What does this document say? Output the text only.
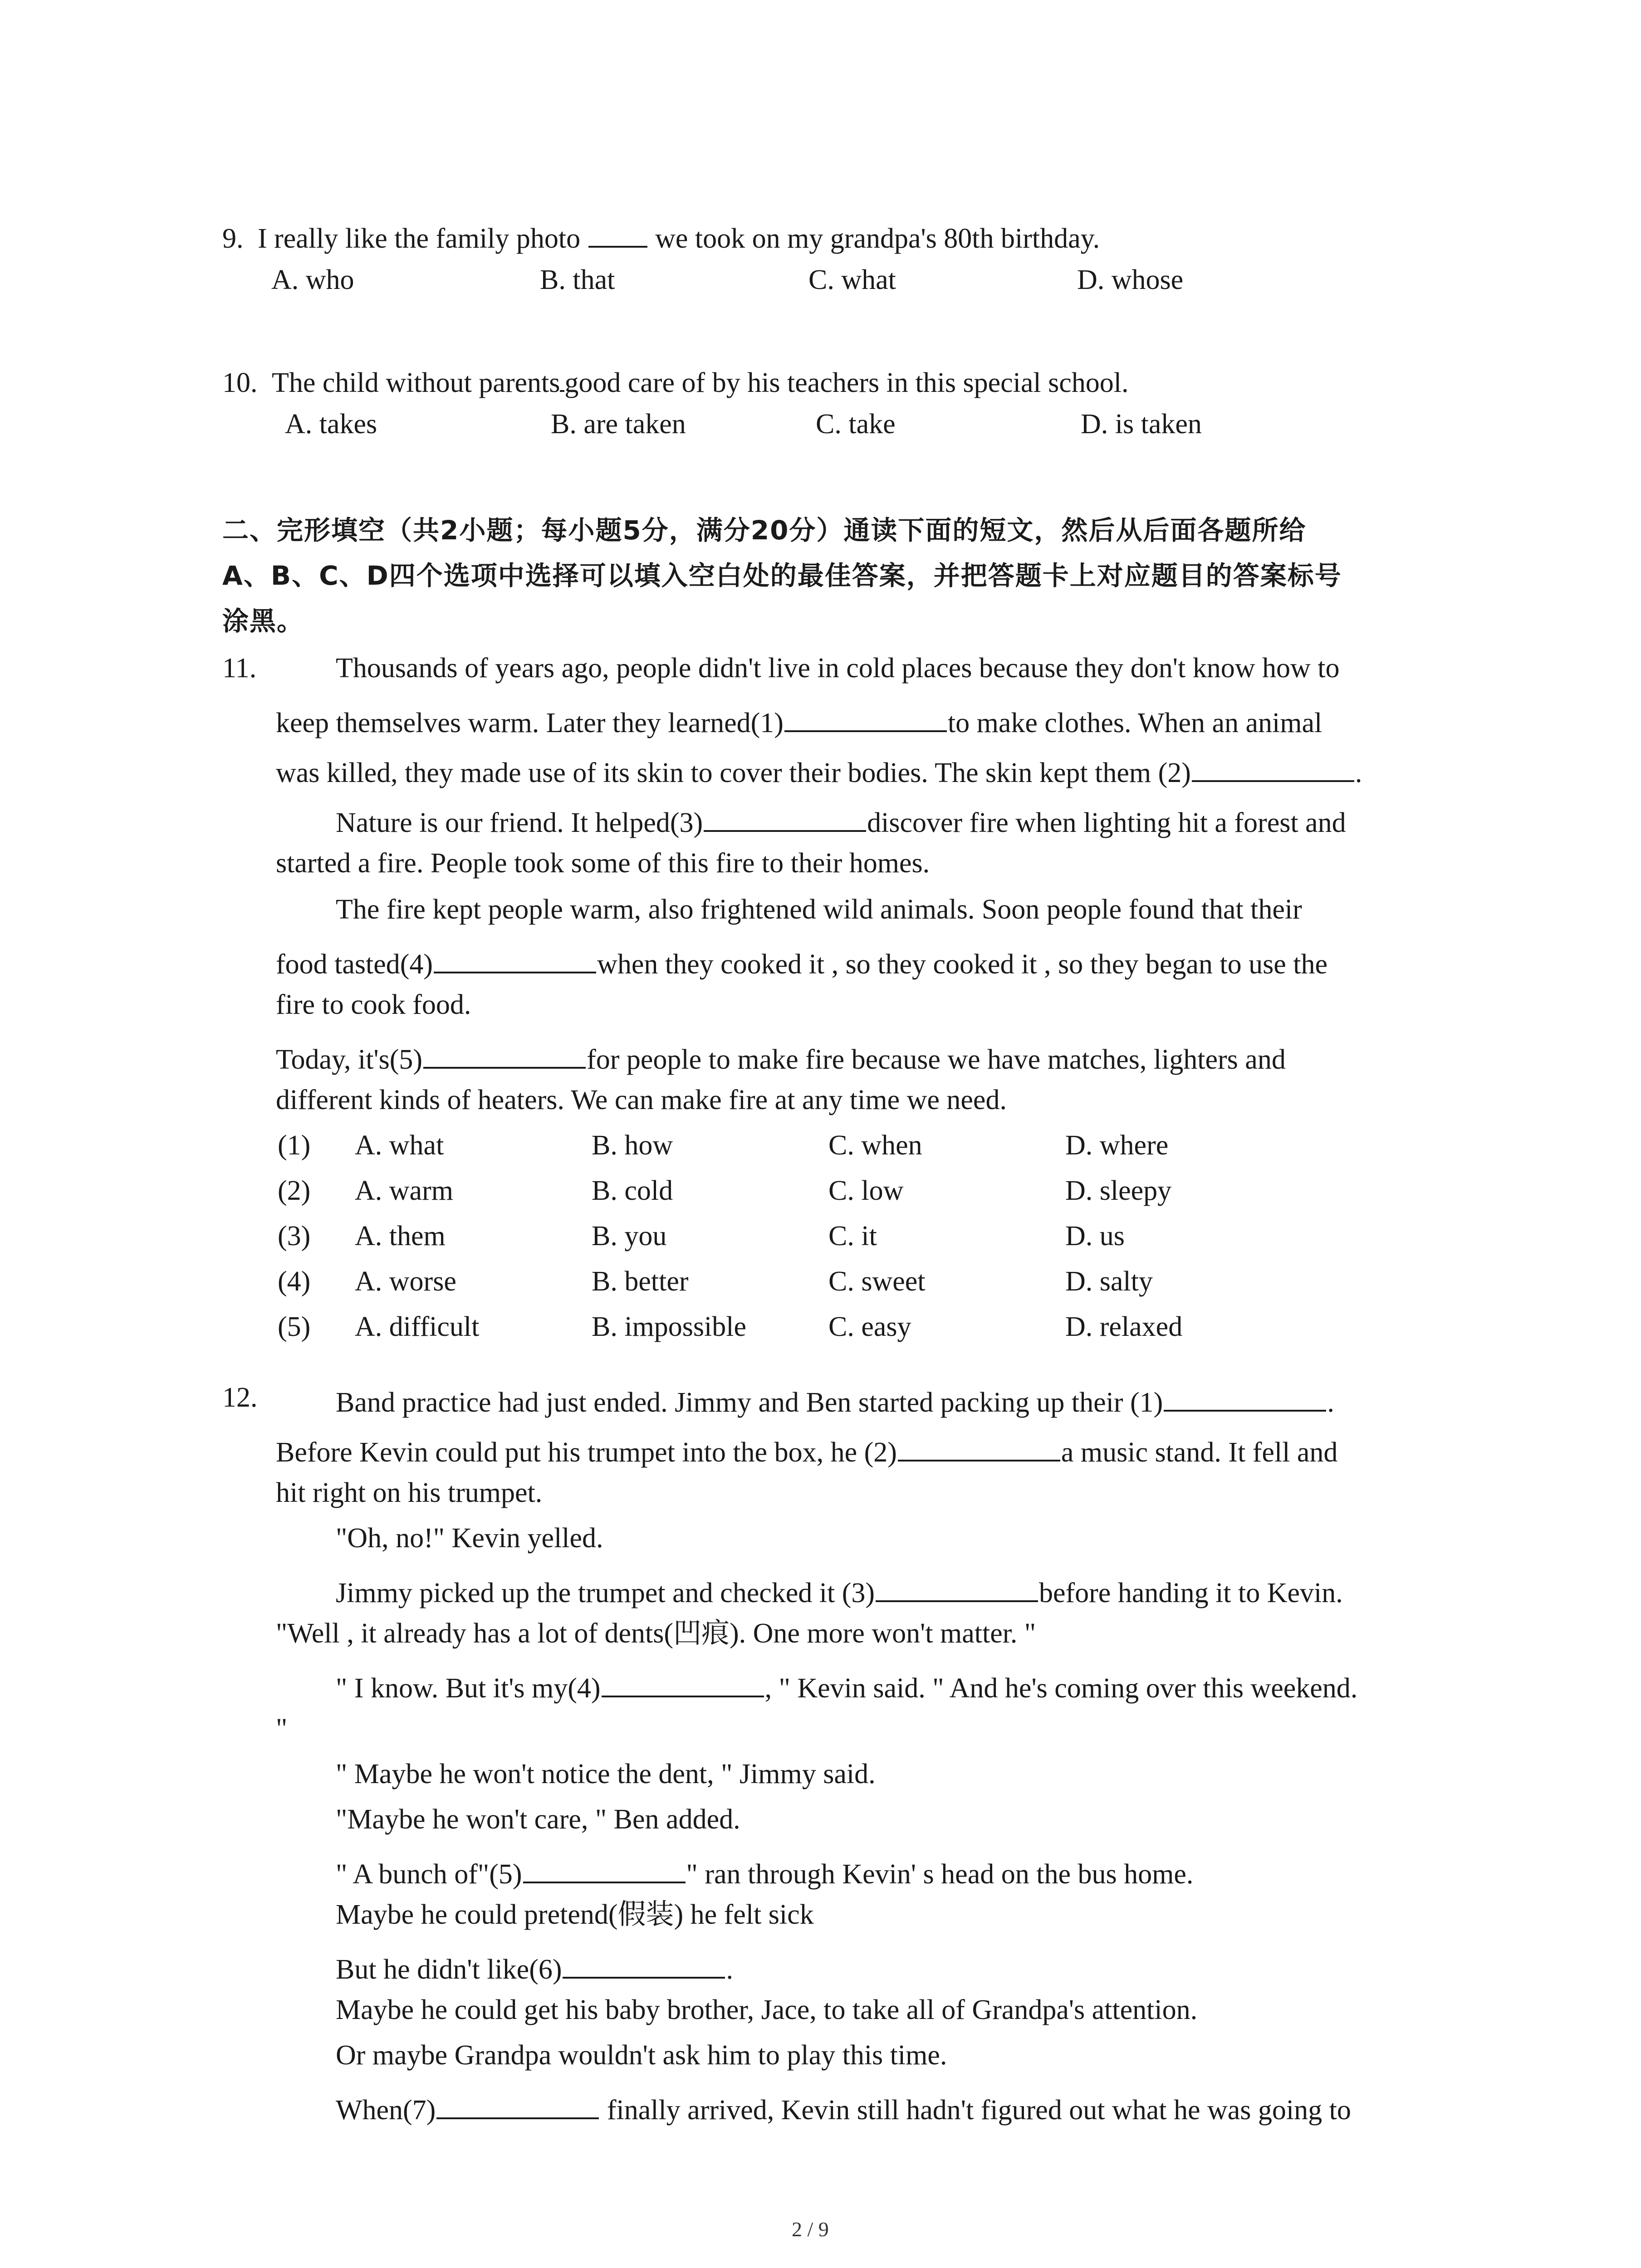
9. I really like the family photo  we took on my grandpa's 80th birthday.
A. who	B. that	C. what	D. whose
10. The child without parents good care of by his teachers in this special school.
A. takes	B. are taken	C. take	D. is taken
二、完形填空（共2小题；每小题5分，满分20分）通读下面的短文，然后从后面各题所给
A、B、C、D四个选项中选择可以填入空白处的最佳答案，并把答题卡上对应题目的答案标号
涂黑。
11.	Thousands of years ago, people didn't live in cold places because they don't know how to
keep themselves warm. Later they learned(1)	to make clothes. When an animal
was killed, they made use of its skin to cover their bodies. The skin kept them (2)	.
Nature is our friend. It helped(3)	discover fire when lighting hit a forest and
started a fire. People took some of this fire to their homes.
The fire kept people warm, also frightened wild animals. Soon people found that their
food tasted(4)	when they cooked it , so they cooked it , so they began to use the
fire to cook food.
Today, it's(5)	for people to make fire because we have matches, lighters and
different kinds of heaters. We can make fire at any time we need.
(1) A. what	B. how	C. when	D. where
(2) A. warm	B. cold	C. low	D. sleepy
(3) A. them	B. you	C. it	D. us
(4) A. worse	B. better	C. sweet	D. salty
(5) A. difficult	B. impossible	C. easy	D. relaxed
12.	Band practice had just ended. Jimmy and Ben started packing up their (1)	.
Before Kevin could put his trumpet into the box, he (2)	a music stand. It fell and
hit right on his trumpet.
"Oh, no!" Kevin yelled.
Jimmy picked up the trumpet and checked it (3)	before handing it to Kevin.
"Well , it already has a lot of dents(凹痕). One more won't matter. "
" I know. But it's my(4)	, " Kevin said. " And he's coming over this weekend.
"
" Maybe he won't notice the dent, " Jimmy said.
"Maybe he won't care, " Ben added.
" A bunch of"(5)	" ran through Kevin' s head on the bus home.
Maybe he could pretend(假装) he felt sick
But he didn't like(6)	.
Maybe he could get his baby brother, Jace, to take all of Grandpa's attention.
Or maybe Grandpa wouldn't ask him to play this time.
When(7)	finally arrived, Kevin still hadn't figured out what he was going to
2 / 9
